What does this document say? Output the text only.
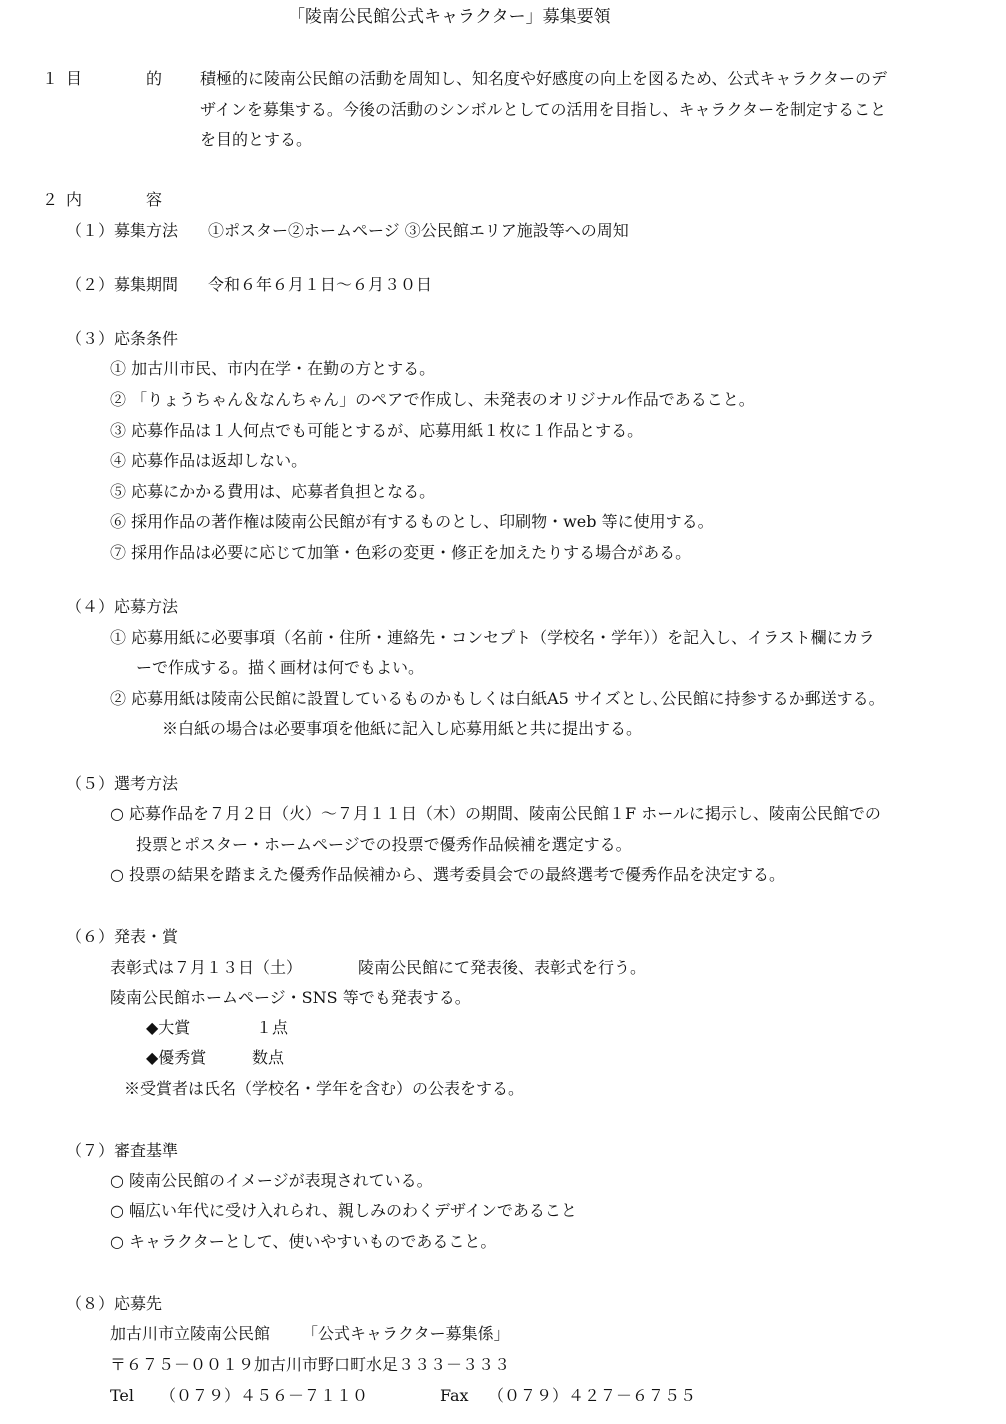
「陵南公民館公式キャラクター」募集要領
１ 目	的 積極的に陵南公民館の活動を周知し、知名度や好感度の向上を図るため、公式キャラクターのデ
ザインを募集する。今後の活動のシンボルとしての活用を目指し、キャラクターを制定すること
を目的とする。
２ 内	容
（１）募集方法 ①ポスター②ホームページ ③公民館エリア施設等への周知
（２）募集期間 令和６年６月１日～６月３０日
（３）応条条件
① 加古川市民、市内在学・在勤の方とする。
② 「りょうちゃん＆なんちゃん」のペアで作成し、未発表のオリジナル作品であること。
③ 応募作品は１人何点でも可能とするが、応募用紙１枚に１作品とする。
④ 応募作品は返却しない。
⑤ 応募にかかる費用は、応募者負担となる。
⑥ 採用作品の著作権は陵南公民館が有するものとし、印刷物・web 等に使用する。
⑦ 採用作品は必要に応じて加筆・色彩の変更・修正を加えたりする場合がある。
（４）応募方法
① 応募用紙に必要事項（名前・住所・連絡先・コンセプト（学校名・学年））を記入し、イラスト欄にカラ
ーで作成する。描く画材は何でもよい。
② 応募用紙は陵南公民館に設置しているものかもしくは白紙A5 サイズとし､公民館に持参するか郵送する。
※白紙の場合は必要事項を他紙に記入し応募用紙と共に提出する。
（５）選考方法
○ 応募作品を７月２日（火）～７月１１日（木）の期間、陵南公民館１F ホールに掲示し、陵南公民館での
投票とポスター・ホームページでの投票で優秀作品候補を選定する。
○ 投票の結果を踏まえた優秀作品候補から、選考委員会での最終選考で優秀作品を決定する。
（６）発表・賞
表彰式は７月１３日（土）	陵南公民館にて発表後、表彰式を行う。
陵南公民館ホームページ・SNS 等でも発表する。
◆大賞	１点
◆優秀賞	数点
※受賞者は氏名（学校名・学年を含む）の公表をする。
（７）審査基準
○ 陵南公民館のイメージが表現されている。
○ 幅広い年代に受け入れられ、親しみのわくデザインであること
○ キャラクターとして、使いやすいものであること。
（８）応募先
加古川市立陵南公民館 「公式キャラクター募集係」
〒６７５－００１９加古川市野口町水足３３３－３３３
Tel （０７９）４５６－７１１０	Fax （０７９）４２７－６７５５
